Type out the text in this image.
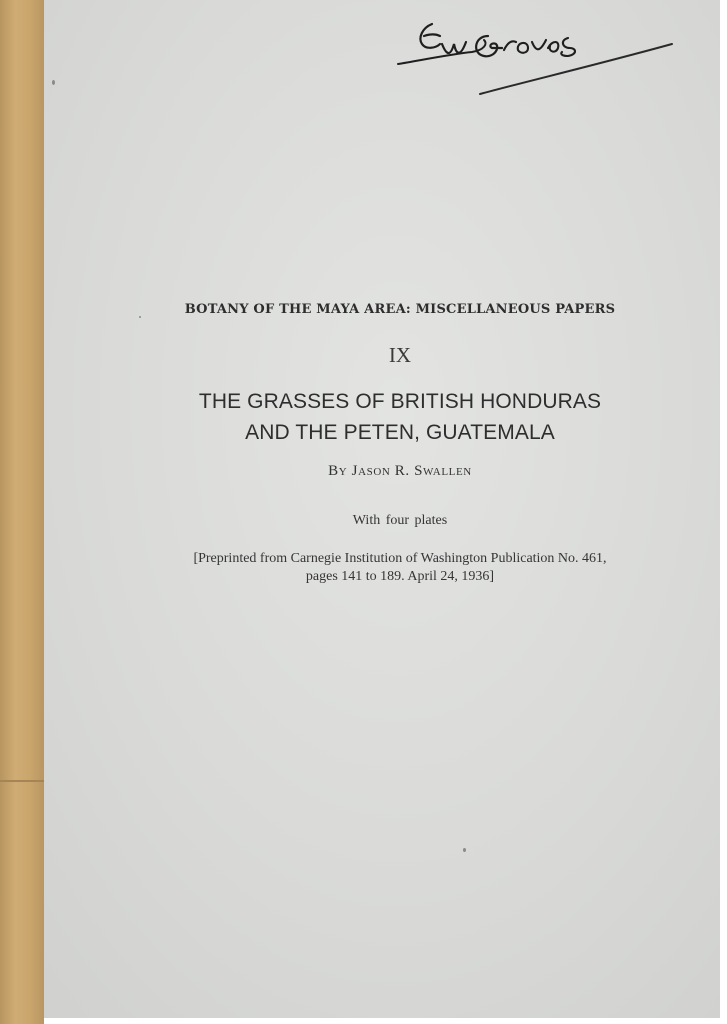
BOTANY OF THE MAYA AREA: MISCELLANEOUS PAPERS

IX

THE GRASSES OF BRITISH HONDURAS
AND THE PETEN, GUATEMALA

By Jason R. Swallen

With four plates

[Preprinted from Carnegie Institution of Washington Publication No. 461,
pages 141 to 189. April 24, 1936]
